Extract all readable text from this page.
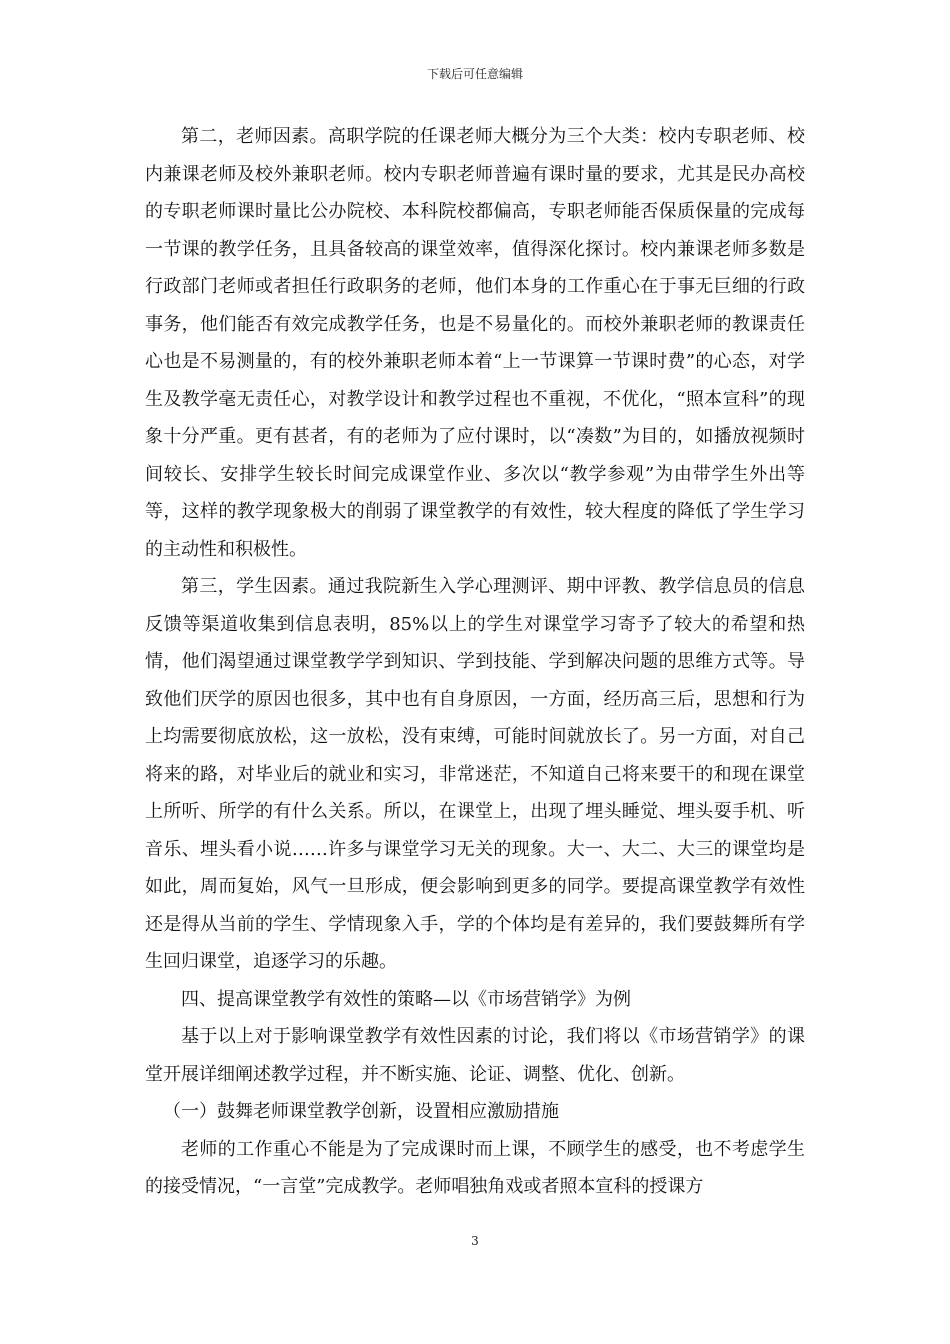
下载后可任意编辑

第二，老师因素。高职学院的任课老师大概分为三个大类：校内专职老师、校内兼课老师及校外兼职老师。校内专职老师普遍有课时量的要求，尤其是民办高校的专职老师课时量比公办院校、本科院校都偏高，专职老师能否保质保量的完成每一节课的教学任务，且具备较高的课堂效率，值得深化探讨。校内兼课老师多数是行政部门老师或者担任行政职务的老师，他们本身的工作重心在于事无巨细的行政事务，他们能否有效完成教学任务，也是不易量化的。而校外兼职老师的教课责任心也是不易测量的，有的校外兼职老师本着“上一节课算一节课时费”的心态，对学生及教学毫无责任心，对教学设计和教学过程也不重视，不优化，“照本宣科”的现象十分严重。更有甚者，有的老师为了应付课时，以“凑数”为目的，如播放视频时间较长、安排学生较长时间完成课堂作业、多次以“教学参观”为由带学生外出等等，这样的教学现象极大的削弱了课堂教学的有效性，较大程度的降低了学生学习的主动性和积极性。

第三，学生因素。通过我院新生入学心理测评、期中评教、教学信息员的信息反馈等渠道收集到信息表明，85%以上的学生对课堂学习寄予了较大的希望和热情，他们渴望通过课堂教学学到知识、学到技能、学到解决问题的思维方式等。导致他们厌学的原因也很多，其中也有自身原因，一方面，经历高三后，思想和行为上均需要彻底放松，这一放松，没有束缚，可能时间就放长了。另一方面，对自己将来的路，对毕业后的就业和实习，非常迷茫，不知道自己将来要干的和现在课堂上所听、所学的有什么关系。所以，在课堂上，出现了埋头睡觉、埋头耍手机、听音乐、埋头看小说……许多与课堂学习无关的现象。大一、大二、大三的课堂均是如此，周而复始，风气一旦形成，便会影响到更多的同学。要提高课堂教学有效性还是得从当前的学生、学情现象入手，学的个体均是有差异的，我们要鼓舞所有学生回归课堂，追逐学习的乐趣。

四、提高课堂教学有效性的策略—以《市场营销学》为例

基于以上对于影响课堂教学有效性因素的讨论，我们将以《市场营销学》的课堂开展详细阐述教学过程，并不断实施、论证、调整、优化、创新。

（一）鼓舞老师课堂教学创新，设置相应激励措施

老师的工作重心不能是为了完成课时而上课，不顾学生的感受，也不考虑学生的接受情况，“一言堂”完成教学。老师唱独角戏或者照本宣科的授课方

3
